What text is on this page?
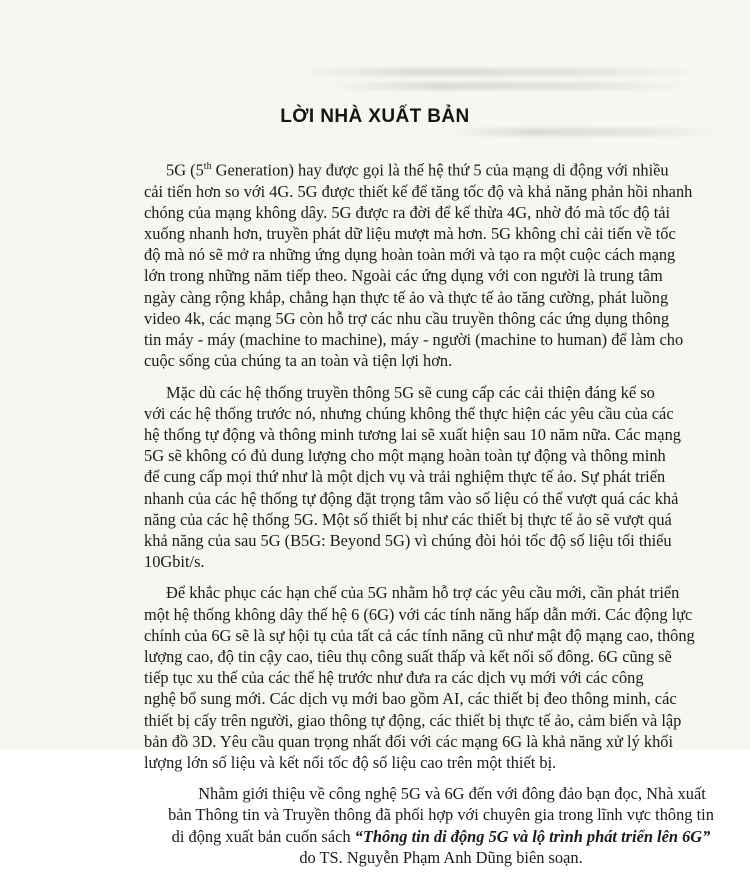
LỜI NHÀ XUẤT BẢN

5G (5th Generation) hay được gọi là thế hệ thứ 5 của mạng di động với nhiều
cải tiến hơn so với 4G. 5G được thiết kế để tăng tốc độ và khả năng phản hồi nhanh
chóng của mạng không dây. 5G được ra đời để kế thừa 4G, nhờ đó mà tốc độ tải
xuống nhanh hơn, truyền phát dữ liệu mượt mà hơn. 5G không chỉ cải tiến về tốc
độ mà nó sẽ mở ra những ứng dụng hoàn toàn mới và tạo ra một cuộc cách mạng
lớn trong những năm tiếp theo. Ngoài các ứng dụng với con người là trung tâm
ngày càng rộng khắp, chẳng hạn thực tế ảo và thực tế ảo tăng cường, phát luồng
video 4k, các mạng 5G còn hỗ trợ các nhu cầu truyền thông các ứng dụng thông
tin máy - máy (machine to machine), máy - người (machine to human) để làm cho
cuộc sống của chúng ta an toàn và tiện lợi hơn.

Mặc dù các hệ thống truyền thông 5G sẽ cung cấp các cải thiện đáng kể so
với các hệ thống trước nó, nhưng chúng không thể thực hiện các yêu cầu của các
hệ thống tự động và thông minh tương lai sẽ xuất hiện sau 10 năm nữa. Các mạng
5G sẽ không có đủ dung lượng cho một mạng hoàn toàn tự động và thông minh
để cung cấp mọi thứ như là một dịch vụ và trải nghiệm thực tế ảo. Sự phát triển
nhanh của các hệ thống tự động đặt trọng tâm vào số liệu có thể vượt quá các khả
năng của các hệ thống 5G. Một số thiết bị như các thiết bị thực tế ảo sẽ vượt quá
khả năng của sau 5G (B5G: Beyond 5G) vì chúng đòi hỏi tốc độ số liệu tối thiểu
10Gbit/s.

Để khắc phục các hạn chế của 5G nhằm hỗ trợ các yêu cầu mới, cần phát triển
một hệ thống không dây thế hệ 6 (6G) với các tính năng hấp dẫn mới. Các động lực
chính của 6G sẽ là sự hội tụ của tất cả các tính năng cũ như mật độ mạng cao, thông
lượng cao, độ tin cậy cao, tiêu thụ công suất thấp và kết nối số đông. 6G cũng sẽ
tiếp tục xu thế của các thế hệ trước như đưa ra các dịch vụ mới với các công
nghệ bổ sung mới. Các dịch vụ mới bao gồm AI, các thiết bị đeo thông minh, các
thiết bị cấy trên người, giao thông tự động, các thiết bị thực tế ảo, cảm biến và lập
bản đồ 3D. Yêu cầu quan trọng nhất đối với các mạng 6G là khả năng xử lý khối
lượng lớn số liệu và kết nối tốc độ số liệu cao trên một thiết bị.

Nhằm giới thiệu về công nghệ 5G và 6G đến với đông đảo bạn đọc, Nhà xuất
bản Thông tin và Truyền thông đã phối hợp với chuyên gia trong lĩnh vực thông tin
di động xuất bản cuốn sách “Thông tin di động 5G và lộ trình phát triển lên 6G”
do TS. Nguyễn Phạm Anh Dũng biên soạn.
